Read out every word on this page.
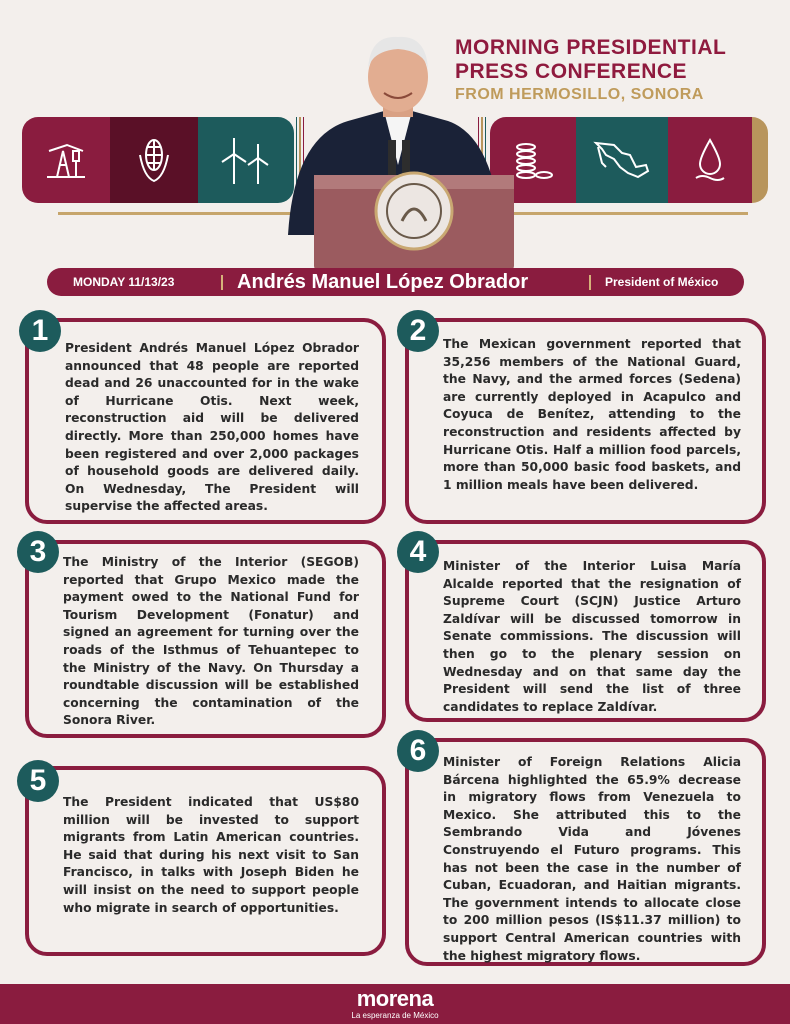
MORNING PRESIDENTIAL
PRESS CONFERENCE
FROM HERMOSILLO, SONORA
MONDAY 11/13/23	Andrés Manuel López Obrador	President of México
President Andrés Manuel López Obrador announced that 48 people are reported dead and 26 unaccounted for in the wake of Hurricane Otis. Next week, reconstruction aid will be delivered directly. More than 250,000 homes have been registered and over 2,000 packages of household goods are delivered daily. On Wednesday, The President will supervise the affected areas.
1	The Mexican government reported that 35,256 members of the National Guard, the Navy, and the armed forces (Sedena) are currently deployed in Acapulco and Coyuca de Benítez, attending to the reconstruction and residents affected by Hurricane Otis. Half a million food parcels, more than 50,000 basic food baskets, and 1 million meals have been delivered.
2
The Ministry of the Interior (SEGOB) reported that Grupo Mexico made the payment owed to the National Fund for Tourism Development (Fonatur) and signed an agreement for turning over the roads of the Isthmus of Tehuantepec to the Ministry of the Navy. On Thursday a roundtable discussion will be established concerning the contamination of the Sonora River.
3	Minister of the Interior Luisa María Alcalde reported that the resignation of Supreme Court (SCJN) Justice Arturo Zaldívar will be discussed tomorrow in Senate commissions. The discussion will then go to the plenary session on Wednesday and on that same day the President will send the list of three candidates to replace Zaldívar.
4
The President indicated that US$80 million will be invested to support migrants from Latin American countries. He said that during his next visit to San Francisco, in talks with Joseph Biden he will insist on the need to support people who migrate in search of opportunities.
5
Minister of Foreign Relations Alicia Bárcena highlighted the 65.9% decrease in migratory flows from Venezuela to Mexico. She attributed this to the Sembrando Vida and Jóvenes Construyendo el Futuro programs. This has not been the case in the number of Cuban, Ecuadoran, and Haitian migrants. The government intends to allocate close to 200 million pesos (IS$11.37 million) to support Central American countries with the highest migratory flows.
6
morena
La esperanza de México
